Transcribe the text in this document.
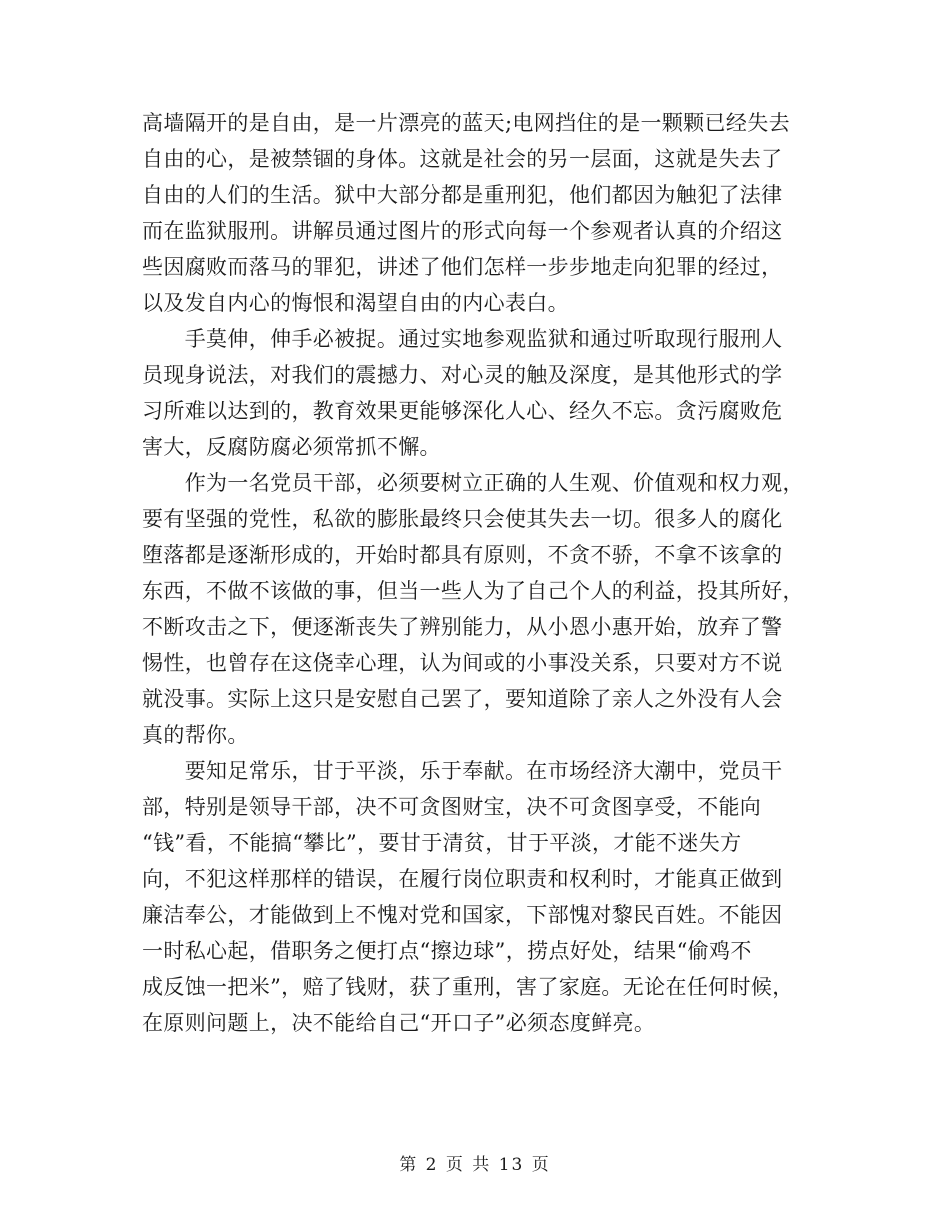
高墙隔开的是自由，是一片漂亮的蓝天;电网挡住的是一颗颗已经失去
自由的心，是被禁锢的身体。这就是社会的另一层面，这就是失去了
自由的人们的生活。狱中大部分都是重刑犯，他们都因为触犯了法律
而在监狱服刑。讲解员通过图片的形式向每一个参观者认真的介绍这
些因腐败而落马的罪犯，讲述了他们怎样一步步地走向犯罪的经过，
以及发自内心的悔恨和渴望自由的内心表白。
　　手莫伸，伸手必被捉。通过实地参观监狱和通过听取现行服刑人
员现身说法，对我们的震撼力、对心灵的触及深度，是其他形式的学
习所难以达到的，教育效果更能够深化人心、经久不忘。贪污腐败危
害大，反腐防腐必须常抓不懈。
　　作为一名党员干部，必须要树立正确的人生观、价值观和权力观，
要有坚强的党性，私欲的膨胀最终只会使其失去一切。很多人的腐化
堕落都是逐渐形成的，开始时都具有原则，不贪不骄，不拿不该拿的
东西，不做不该做的事，但当一些人为了自己个人的利益，投其所好，
不断攻击之下，便逐渐丧失了辨别能力，从小恩小惠开始，放弃了警
惕性，也曾存在这侥幸心理，认为间或的小事没关系，只要对方不说
就没事。实际上这只是安慰自己罢了，要知道除了亲人之外没有人会
真的帮你。
　　要知足常乐，甘于平淡，乐于奉献。在市场经济大潮中，党员干
部，特别是领导干部，决不可贪图财宝，决不可贪图享受，不能向
“钱”看，不能搞“攀比”，要甘于清贫，甘于平淡，才能不迷失方
向，不犯这样那样的错误，在履行岗位职责和权利时，才能真正做到
廉洁奉公，才能做到上不愧对党和国家，下部愧对黎民百姓。不能因
一时私心起，借职务之便打点“擦边球”，捞点好处，结果“偷鸡不
成反蚀一把米”，赔了钱财，获了重刑，害了家庭。无论在任何时候，
在原则问题上，决不能给自己“开口子”必须态度鲜亮。
第 2 页 共 13 页
